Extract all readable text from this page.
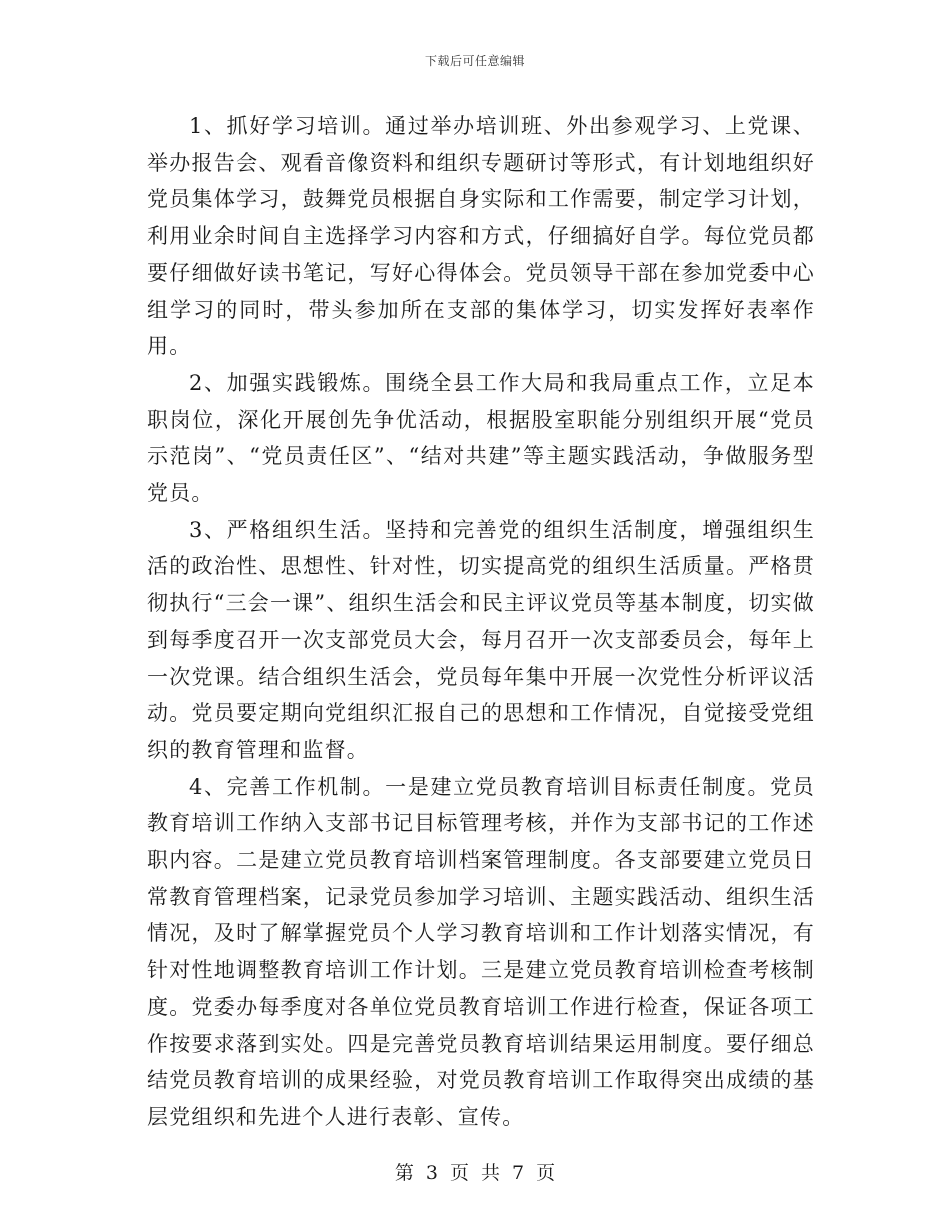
下载后可任意编辑

1、抓好学习培训。通过举办培训班、外出参观学习、上党课、举办报告会、观看音像资料和组织专题研讨等形式，有计划地组织好党员集体学习，鼓舞党员根据自身实际和工作需要，制定学习计划，利用业余时间自主选择学习内容和方式，仔细搞好自学。每位党员都要仔细做好读书笔记，写好心得体会。党员领导干部在参加党委中心组学习的同时，带头参加所在支部的集体学习，切实发挥好表率作用。

2、加强实践锻炼。围绕全县工作大局和我局重点工作，立足本职岗位，深化开展创先争优活动，根据股室职能分别组织开展“党员示范岗”、“党员责任区”、“结对共建”等主题实践活动，争做服务型党员。

3、严格组织生活。坚持和完善党的组织生活制度，增强组织生活的政治性、思想性、针对性，切实提高党的组织生活质量。严格贯彻执行“三会一课”、组织生活会和民主评议党员等基本制度，切实做到每季度召开一次支部党员大会，每月召开一次支部委员会，每年上一次党课。结合组织生活会，党员每年集中开展一次党性分析评议活动。党员要定期向党组织汇报自己的思想和工作情况，自觉接受党组织的教育管理和监督。

4、完善工作机制。一是建立党员教育培训目标责任制度。党员教育培训工作纳入支部书记目标管理考核，并作为支部书记的工作述职内容。二是建立党员教育培训档案管理制度。各支部要建立党员日常教育管理档案，记录党员参加学习培训、主题实践活动、组织生活情况，及时了解掌握党员个人学习教育培训和工作计划落实情况，有针对性地调整教育培训工作计划。三是建立党员教育培训检查考核制度。党委办每季度对各单位党员教育培训工作进行检查，保证各项工作按要求落到实处。四是完善党员教育培训结果运用制度。要仔细总结党员教育培训的成果经验，对党员教育培训工作取得突出成绩的基层党组织和先进个人进行表彰、宣传。

第 3 页 共 7 页
